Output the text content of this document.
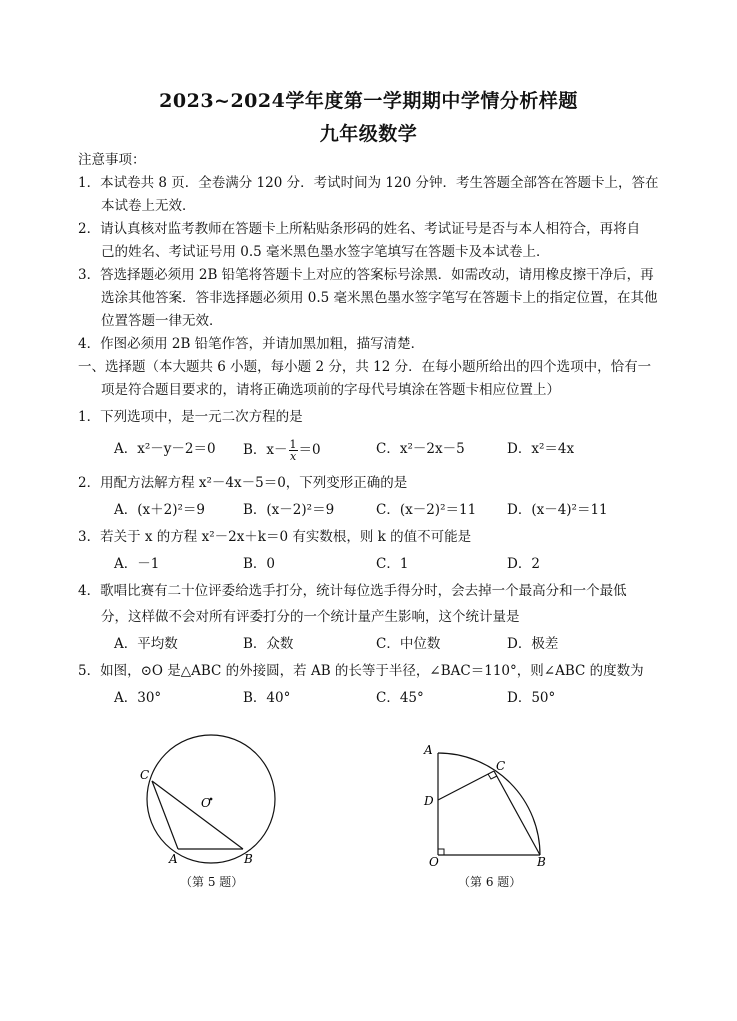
2023~2024学年度第一学期期中学情分析样题
九年级数学
注意事项：
1．本试卷共 8 页．全卷满分 120 分．考试时间为 120 分钟．考生答题全部答在答题卡上，答在
本试卷上无效．
2．请认真核对监考教师在答题卡上所粘贴条形码的姓名、考试证号是否与本人相符合，再将自
己的姓名、考试证号用 0.5 毫米黑色墨水签字笔填写在答题卡及本试卷上．
3．答选择题必须用 2B 铅笔将答题卡上对应的答案标号涂黑．如需改动，请用橡皮擦干净后，再
选涂其他答案．答非选择题必须用 0.5 毫米黑色墨水签字笔写在答题卡上的指定位置，在其他
位置答题一律无效．
4．作图必须用 2B 铅笔作答，并请加黑加粗，描写清楚．
一、选择题（本大题共 6 小题，每小题 2 分，共 12 分．在每小题所给出的四个选项中，恰有一
项是符合题目要求的，请将正确选项前的字母代号填涂在答题卡相应位置上）
1．下列选项中，是一元二次方程的是
A．x²－y－2＝0 B．$x- \frac{1}{x} =0$	C．x²－2x－5	D．x²＝4x
2．用配方法解方程 x²－4x－5＝0，下列变形正确的是
A．(x＋2)²＝9	B．(x－2)²＝9	C．(x－2)²＝11 D．(x－4)²＝11
3．若关于 x 的方程 x²－2x＋k＝0 有实数根，则 k 的值不可能是
A．－1	B．0	C．1	D．2
4．歌唱比赛有二十位评委给选手打分，统计每位选手得分时，会去掉一个最高分和一个最低
分，这样做不会对所有评委打分的一个统计量产生影响，这个统计量是
A．平均数	B．众数	C．中位数	D．极差
5．如图，⊙O 是△ABC 的外接圆，若 AB 的长等于半径，∠BAC＝110°，则∠ABC 的度数为
A．30°	B．40°	C．45°	D．50°
C
O
A	B
（第 5 题）
A
C
D
O	B
（第 6 题）
